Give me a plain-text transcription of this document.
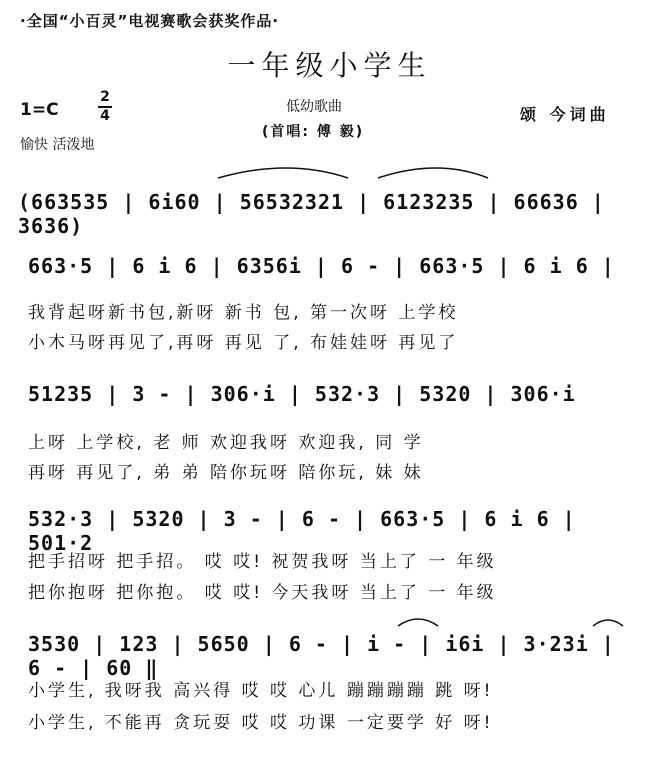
·全国“小百灵”电视赛歌会获奖作品·
一年级小学生
1=C
2
4
低幼歌曲
(首唱: 傅 毅)
颂 今词曲
愉快 活泼地
(663535 | 6i60 | 56532321 | 6123235 | 66636 | 3636)
663·5 | 6 i 6 | 6356i | 6 - | 663·5 | 6 i 6 |
我背起呀新书包,新呀 新书 包, 第一次呀 上学校
小木马呀再见了,再呀 再见 了, 布娃娃呀 再见了
51235 | 3 - | 306·i | 532·3 | 5320 | 306·i
上呀 上学校, 老 师 欢迎我呀 欢迎我, 同 学
再呀 再见了, 弟 弟 陪你玩呀 陪你玩, 妹 妹
532·3 | 5320 | 3 - | 6 - | 663·5 | 6 i 6 | 501·2
把手招呀 把手招。 哎 哎! 祝贺我呀 当上了 一 年级
把你抱呀 把你抱。 哎 哎! 今天我呀 当上了 一 年级
3530 | 123 | 5650 | 6 - | i - | i6i | 3·23i | 6 - | 60 ‖
小学生, 我呀我 高兴得 哎 哎 心儿 蹦蹦蹦蹦 跳 呀!
小学生, 不能再 贪玩耍 哎 哎 功课 一定要学 好 呀!
